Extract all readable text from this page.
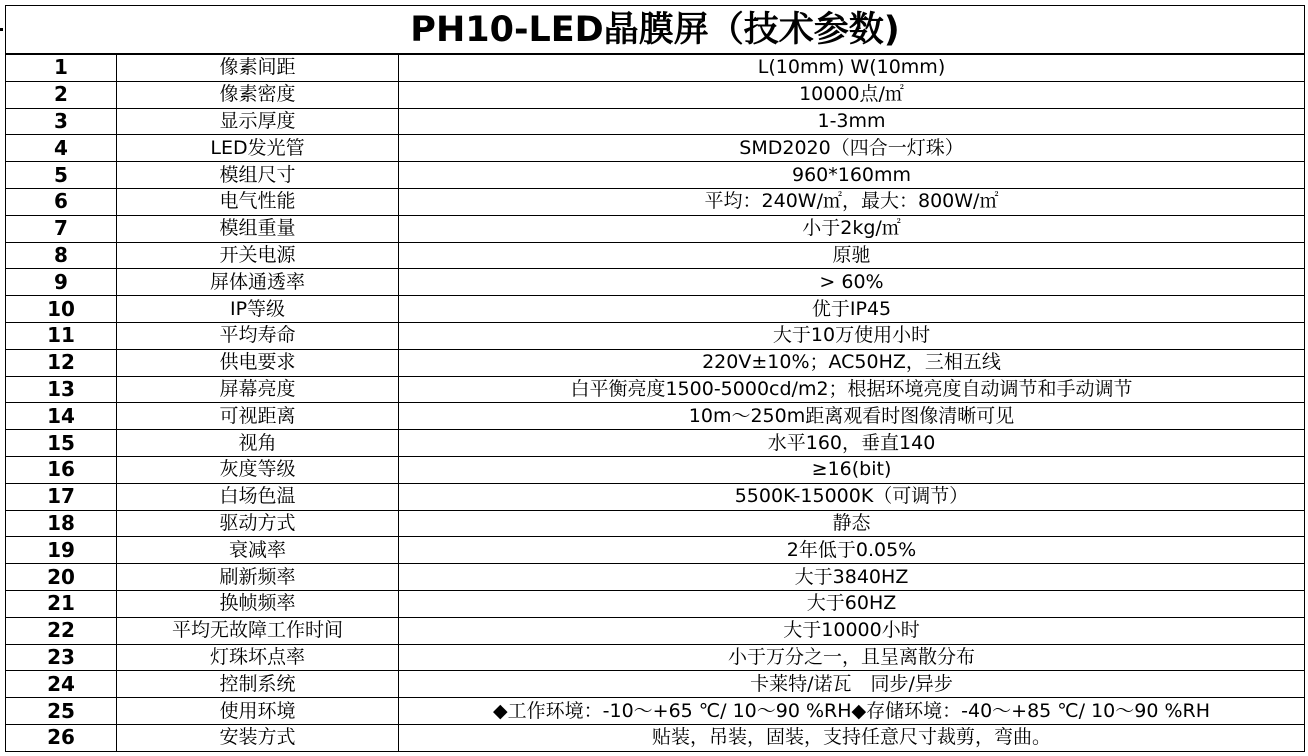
PH10-LED晶膜屏（技术参数)		
1	像素间距	L(10mm) W(10mm)
2	像素密度	10000点/㎡
3	显示厚度	1-3mm
4	LED发光管	SMD2020（四合一灯珠）
5	模组尺寸	960*160mm
6	电气性能	平均：240W/㎡，最大：800W/㎡
7	模组重量	小于2kg/㎡
8	开关电源	原驰
9	屏体通透率	> 60%
10	IP等级	优于IP45
11	平均寿命	大于10万使用小时
12	供电要求	220V±10%；AC50HZ，三相五线
13	屏幕亮度	白平衡亮度1500-5000cd/m2；根据环境亮度自动调节和手动调节
14	可视距离	10m～250m距离观看时图像清晰可见
15	视角	水平160，垂直140
16	灰度等级	≥16(bit)
17	白场色温	5500K-15000K（可调节）
18	驱动方式	静态
19	衰减率	2年低于0.05%
20	刷新频率	大于3840HZ
21	换帧频率	大于60HZ
22	平均无故障工作时间	大于10000小时
23	灯珠坏点率	小于万分之一，且呈离散分布
24	控制系统	卡莱特/诺瓦　同步/异步
25	使用环境	◆工作环境：-10～+65 ℃/ 10～90 %RH◆存储环境：-40～+85 ℃/ 10～90 %RH
26	安装方式	贴装，吊装，固装，支持任意尺寸裁剪，弯曲。
